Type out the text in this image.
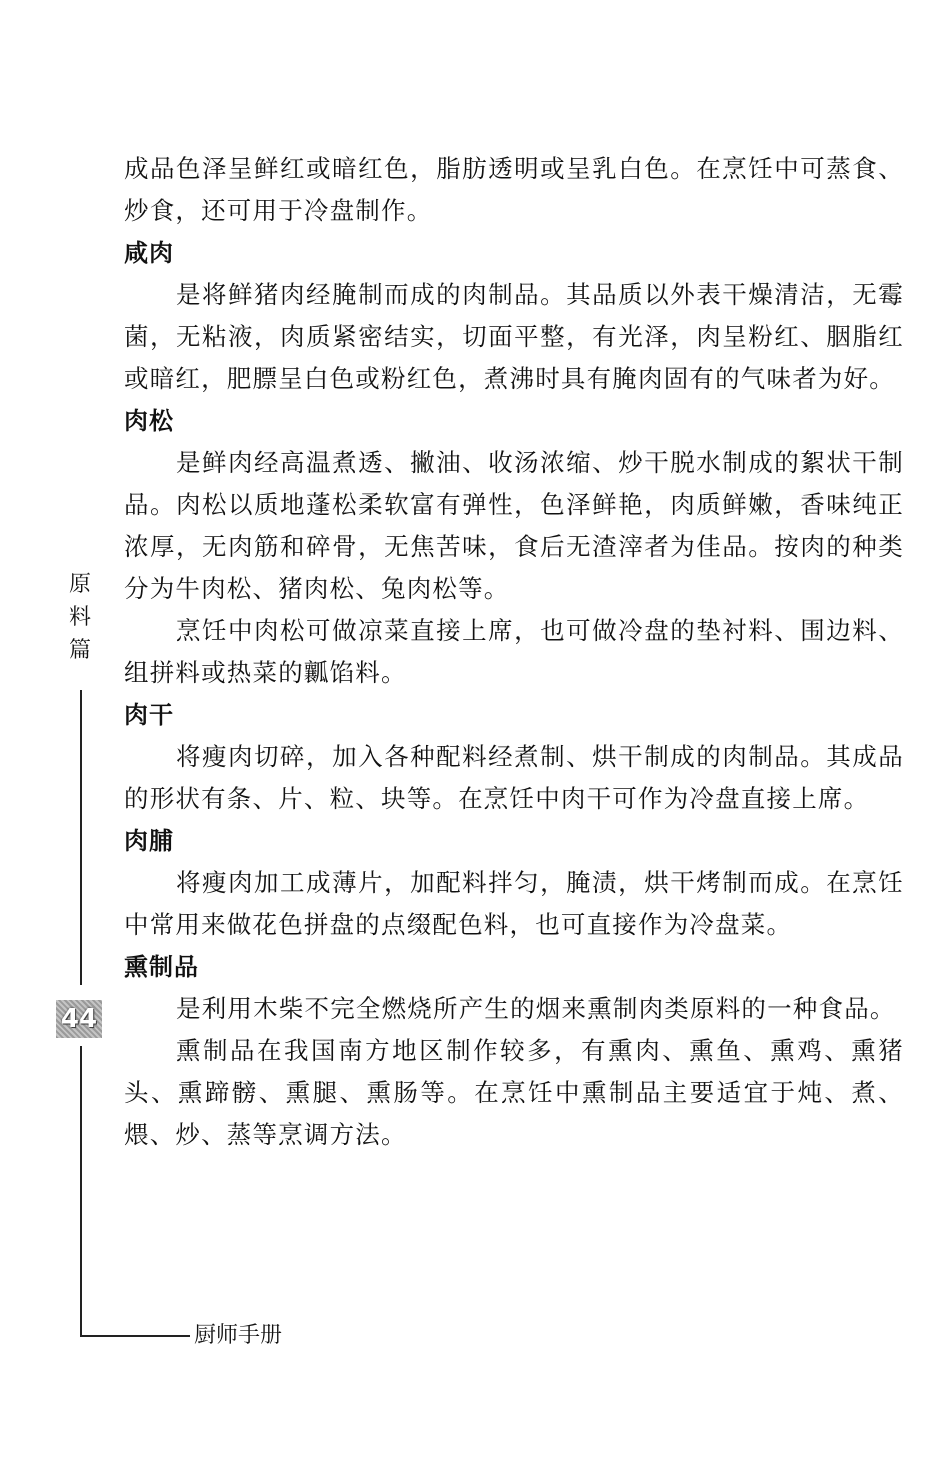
成品色泽呈鲜红或暗红色，脂肪透明或呈乳白色。在烹饪中可蒸食、炒食，还可用于冷盘制作。

咸肉

是将鲜猪肉经腌制而成的肉制品。其品质以外表干燥清洁，无霉菌，无粘液，肉质紧密结实，切面平整，有光泽，肉呈粉红、胭脂红或暗红，肥膘呈白色或粉红色，煮沸时具有腌肉固有的气味者为好。

肉松

是鲜肉经高温煮透、撇油、收汤浓缩、炒干脱水制成的絮状干制品。肉松以质地蓬松柔软富有弹性，色泽鲜艳，肉质鲜嫩，香味纯正浓厚，无肉筋和碎骨，无焦苦味，食后无渣滓者为佳品。按肉的种类分为牛肉松、猪肉松、兔肉松等。

烹饪中肉松可做凉菜直接上席，也可做冷盘的垫衬料、围边料、组拼料或热菜的瓤馅料。

肉干

将瘦肉切碎，加入各种配料经煮制、烘干制成的肉制品。其成品的形状有条、片、粒、块等。在烹饪中肉干可作为冷盘直接上席。

肉脯

将瘦肉加工成薄片，加配料拌匀，腌渍，烘干烤制而成。在烹饪中常用来做花色拼盘的点缀配色料，也可直接作为冷盘菜。

熏制品

是利用木柴不完全燃烧所产生的烟来熏制肉类原料的一种食品。

熏制品在我国南方地区制作较多，有熏肉、熏鱼、熏鸡、熏猪头、熏蹄髈、熏腿、熏肠等。在烹饪中熏制品主要适宜于炖、煮、煨、炒、蒸等烹调方法。

原料篇
44
厨师手册
